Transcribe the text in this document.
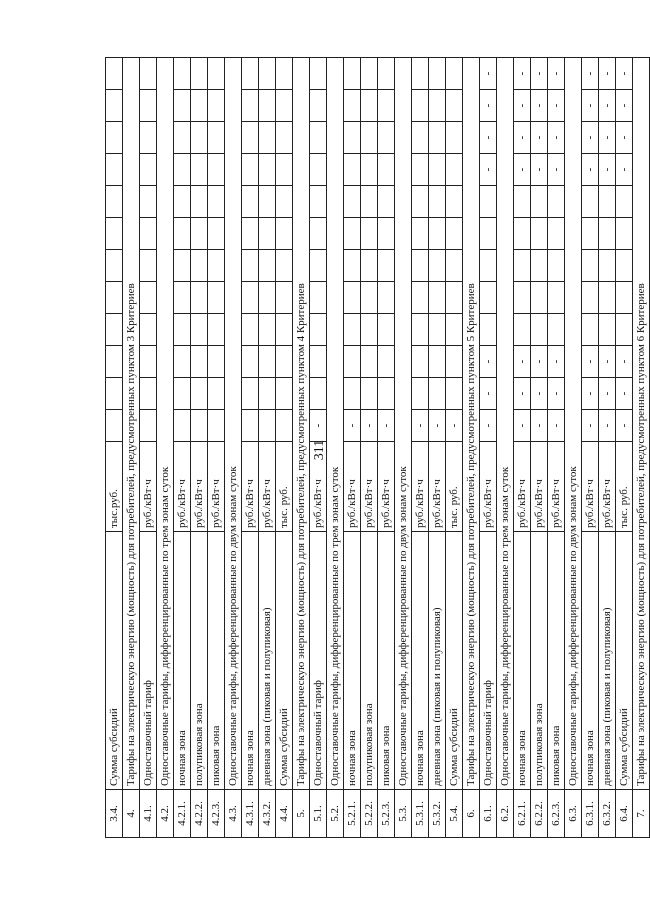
311
3.4.	Сумма субсидий	тыс.руб.												
4.	Тарифы на электрическую энергию (мощность) для потребителей, предусмотренных пунктом 3 Критериев													
4.1.	Одноставочный тариф	руб./кВт·ч												
4.2.	Одноставочные тарифы, дифференцированные по трем зонам суток													
4.2.1.	ночная зона	руб./кВт·ч												
4.2.2.	полупиковая зона	руб./кВт·ч												
4.2.3.	пиковая зона	руб./кВт·ч												
4.3.	Одноставочные тарифы, дифференцированные по двум зонам суток													
4.3.1.	ночная зона	руб./кВт·ч												
4.3.2.	дневная зона (пиковая и полупиковая)	руб./кВт·ч												
4.4.	Сумма субсидий	тыс. руб.												
5.	Тарифы на электрическую энергию (мощность) для потребителей, предусмотренных пунктом 4 Критериев													
5.1.	Одноставочный тариф	руб./кВт·ч	-											
5.2.	Одноставочные тарифы, дифференцированные по трем зонам суток													
5.2.1.	ночная зона	руб./кВт·ч	-											
5.2.2.	полупиковая зона	руб./кВт·ч	-											
5.2.3.	пиковая зона	руб./кВт·ч	-											
5.3.	Одноставочные тарифы, дифференцированные по двум зонам суток													
5.3.1.	ночная зона	руб./кВт·ч	-											
5.3.2.	дневная зона (пиковая и полупиковая)	руб./кВт·ч	-											
5.4.	Сумма субсидий	тыс. руб.	-											
6.	Тарифы на электрическую энергию (мощность) для потребителей, предусмотренных пунктом 5 Критериев													
6.1.	Одноставочный тариф	руб./кВт·ч	-	-	-						-	-	-	-
6.2.	Одноставочные тарифы, дифференцированные по трем зонам суток													
6.2.1.	ночная зона	руб./кВт·ч	-	-	-						-	-	-	-
6.2.2.	полупиковая зона	руб./кВт·ч	-	-	-						-	-	-	-
6.2.3.	пиковая зона	руб./кВт·ч	-	-	-						-	-	-	-
6.3.	Одноставочные тарифы, дифференцированные по двум зонам суток													
6.3.1.	ночная зона	руб./кВт·ч	-	-	-						-	-	-	-
6.3.2.	дневная зона (пиковая и полупиковая)	руб./кВт·ч	-	-	-						-	-	-	-
6.4.	Сумма субсидий	тыс. руб.	-	-	-						-	-	-	-
7.	Тарифы на электрическую энергию (мощность) для потребителей, предусмотренных пунктом 6 Критериев													
